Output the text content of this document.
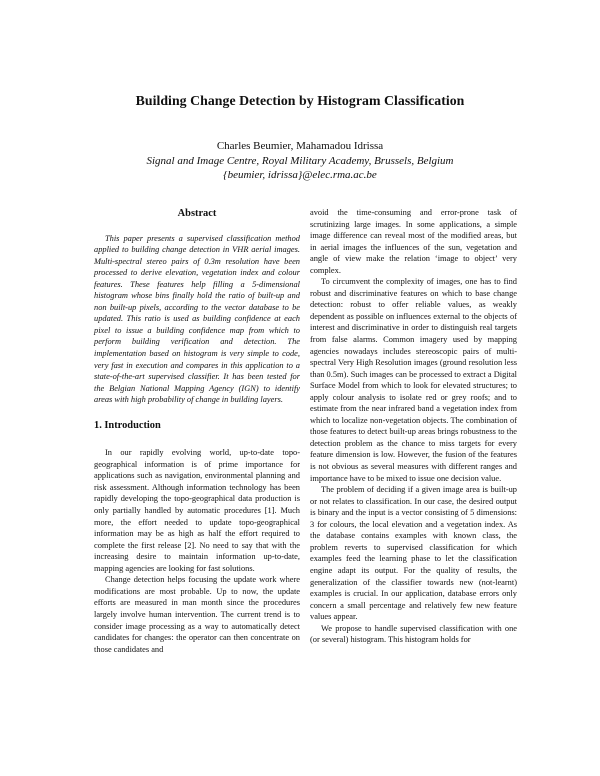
Building Change Detection by Histogram Classification
Charles Beumier, Mahamadou Idrissa
Signal and Image Centre, Royal Military Academy, Brussels, Belgium
{beumier, idrissa}@elec.rma.ac.be
Abstract

This paper presents a supervised classification method applied to building change detection in VHR aerial images. Multi-spectral stereo pairs of 0.3m resolution have been processed to derive elevation, vegetation index and colour features. These features help filling a 5-dimensional histogram whose bins finally hold the ratio of built-up and non built-up pixels, according to the vector database to be updated. This ratio is used as building confidence at each pixel to issue a building confidence map from which to perform building verification and detection. The implementation based on histogram is very simple to code, very fast in execution and compares in this application to a state-of-the-art supervised classifier. It has been tested for the Belgian National Mapping Agency (IGN) to identify areas with high probability of change in building layers.

1. Introduction

In our rapidly evolving world, up-to-date topo-geographical information is of prime importance for applications such as navigation, environmental planning and risk assessment. Although information technology has been rapidly developing the topo-geographical data production is only partially handled by automatic procedures [1]. Much more, the effort needed to update topo-geographical information may be as high as half the effort required to complete the first release [2]. No need to say that with the increasing desire to maintain information up-to-date, mapping agencies are looking for fast solutions.

Change detection helps focusing the update work where modifications are most probable. Up to now, the update efforts are measured in man month since the procedures largely involve human intervention. The current trend is to consider image processing as a way to automatically detect candidates for changes: the operator can then concentrate on those candidates and

avoid the time-consuming and error-prone task of scrutinizing large images. In some applications, a simple image difference can reveal most of the modified areas, but in aerial images the influences of the sun, vegetation and angle of view make the relation ‘image to object’ very complex.

To circumvent the complexity of images, one has to find robust and discriminative features on which to base change detection: robust to offer reliable values, as weakly dependent as possible on influences external to the objects of interest and discriminative in order to distinguish real targets from false alarms. Common imagery used by mapping agencies nowadays includes stereoscopic pairs of multi-spectral Very High Resolution images (ground resolution less than 0.5m). Such images can be processed to extract a Digital Surface Model from which to look for elevated structures; to apply colour analysis to isolate red or grey roofs; and to estimate from the near infrared band a vegetation index from which to localize non-vegetation objects. The combination of those features to detect built-up areas brings robustness to the detection problem as the chance to miss targets for every feature dimension is low. However, the fusion of the features is not obvious as several measures with different ranges and importance have to be mixed to issue one decision value.

The problem of deciding if a given image area is built-up or not relates to classification. In our case, the desired output is binary and the input is a vector consisting of 5 dimensions: 3 for colours, the local elevation and a vegetation index. As the database contains examples with known class, the problem reverts to supervised classification for which examples feed the learning phase to let the classification engine adapt its output. For the quality of results, the generalization of the classifier towards new (not-learnt) examples is crucial. In our application, database errors only concern a small percentage and relatively few new feature values appear.

We propose to handle supervised classification with one (or several) histogram. This histogram holds for
